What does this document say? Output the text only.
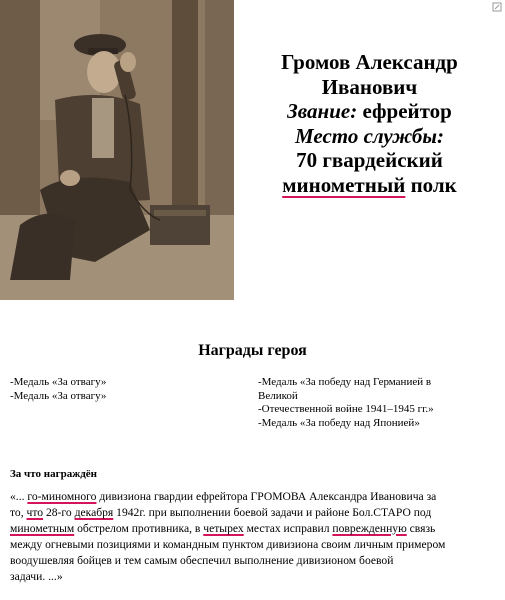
Громов Александр
Иванович
Звание: ефрейтор
Место службы:
70 гвардейский
минометный полк
Награды героя
-Медаль «За отвагу»
-Медаль «За отвагу»
-Медаль «За победу над Германией в
Великой
-Отечественной войне 1941–1945 гг.»
-Медаль «За победу над Японией»
За что награждён
«... го-миномного дивизиона гвардии ефрейтора ГРОМОВА Александра Ивановича за
то, что 28-го декабря 1942г. при выполнении боевой задачи и районе Бол.СТАРО под
минометным обстрелом противника, в четырех местах исправил поврежденную связь
между огневыми позициями и командным пунктом дивизиона своим личным примером
воодушевляя бойцев и тем самым обеспечил выполнение дивизионом боевой
задачи. ...»
